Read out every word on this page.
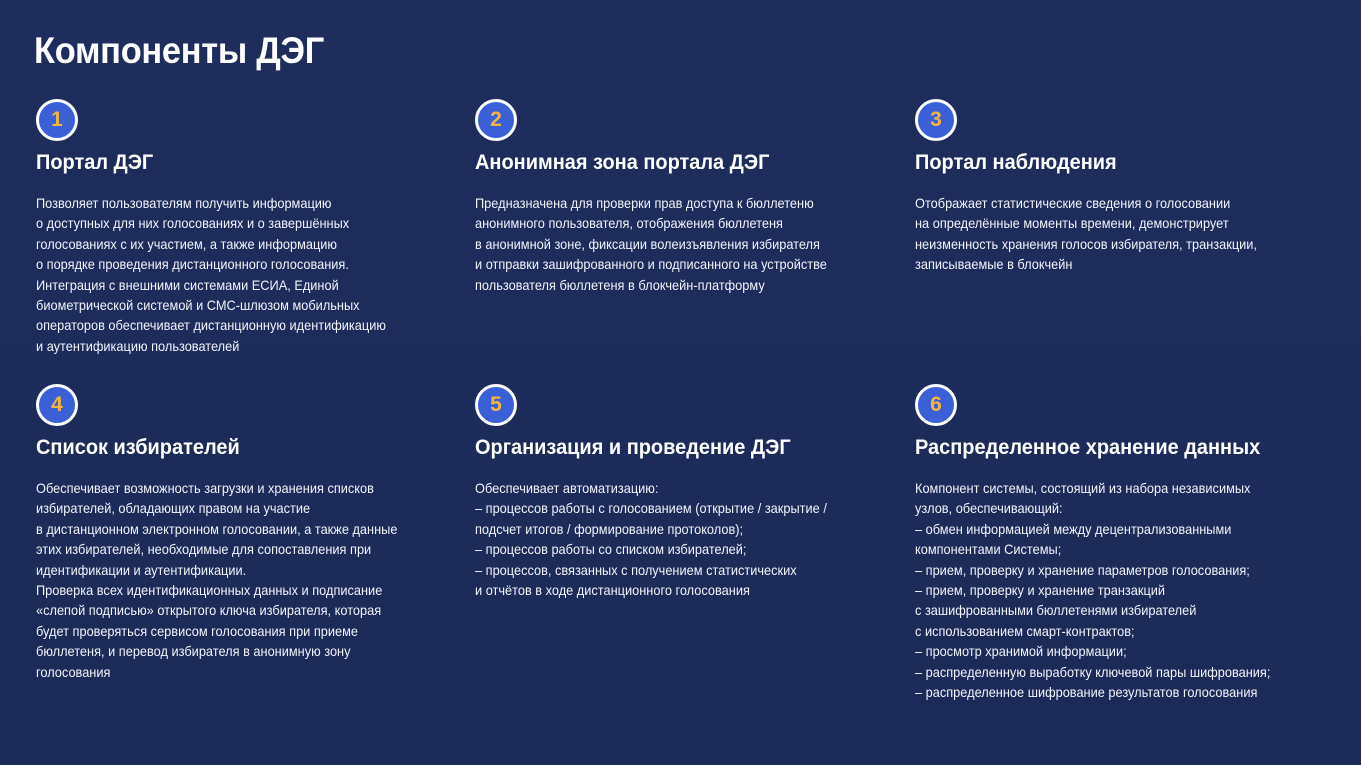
Компоненты ДЭГ
1
Портал ДЭГ
Позволяет пользователям получить информацию
о доступных для них голосованиях и о завершённых
голосованиях с их участием, а также информацию
о порядке проведения дистанционного голосования.
Интеграция с внешними системами ЕСИА, Единой
биометрической системой и СМС-шлюзом мобильных
операторов обеспечивает дистанционную идентификацию
и аутентификацию пользователей
2
Анонимная зона портала ДЭГ
Предназначена для проверки прав доступа к бюллетеню
анонимного пользователя, отображения бюллетеня
в анонимной зоне, фиксации волеизъявления избирателя
и отправки зашифрованного и подписанного на устройстве
пользователя бюллетеня в блокчейн-платформу
3
Портал наблюдения
Отображает статистические сведения о голосовании
на определённые моменты времени, демонстрирует
неизменность хранения голосов избирателя, транзакции,
записываемые в блокчейн
4
Список избирателей
Обеспечивает возможность загрузки и хранения списков
избирателей, обладающих правом на участие
в дистанционном электронном голосовании, а также данные
этих избирателей, необходимые для сопоставления при
идентификации и аутентификации.
Проверка всех идентификационных данных и подписание
«слепой подписью» открытого ключа избирателя, которая
будет проверяться сервисом голосования при приеме
бюллетеня, и перевод избирателя в анонимную зону
голосования
5
Организация и проведение ДЭГ
Обеспечивает автоматизацию:
– процессов работы с голосованием (открытие / закрытие /
подсчет итогов / формирование протоколов);
– процессов работы со списком избирателей;
– процессов, связанных с получением статистических
и отчётов в ходе дистанционного голосования
6
Распределенное хранение данных
Компонент системы, состоящий из набора независимых
узлов, обеспечивающий:
– обмен информацией между децентрализованными
компонентами Системы;
– прием, проверку и хранение параметров голосования;
– прием, проверку и хранение транзакций
с зашифрованными бюллетенями избирателей
с использованием смарт-контрактов;
– просмотр хранимой информации;
– распределенную выработку ключевой пары шифрования;
– распределенное шифрование результатов голосования
